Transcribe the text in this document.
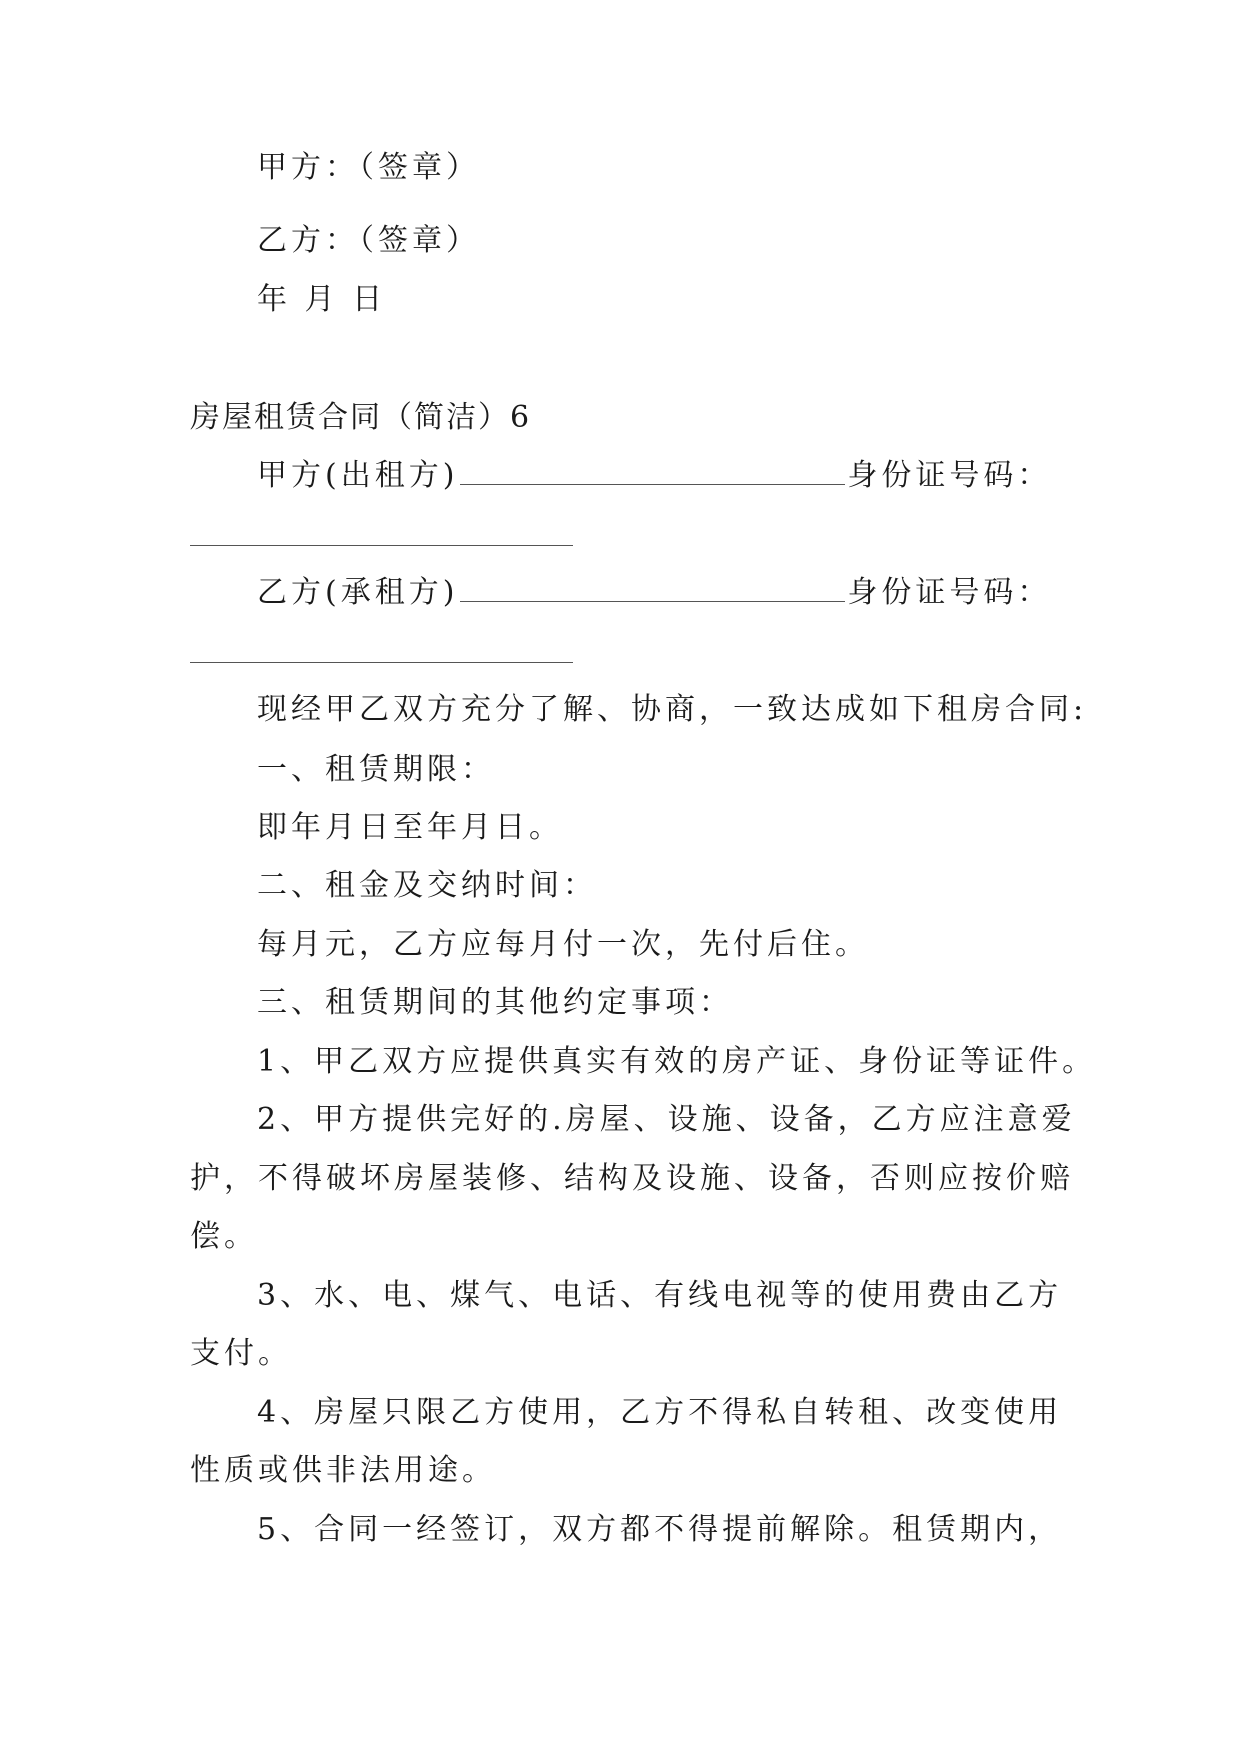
甲方：（签章）
乙方：（签章）
年 月 日
房屋租赁合同（简洁）6
甲方(出租方)	身份证号码：
乙方(承租方)	身份证号码：
现经甲乙双方充分了解、协商，一致达成如下租房合同:
一、租赁期限：
即年月日至年月日。
二、租金及交纳时间：
每月元，乙方应每月付一次，先付后住。
三、租赁期间的其他约定事项：
1、甲乙双方应提供真实有效的房产证、身份证等证件。
2、甲方提供完好的.房屋、设施、设备，乙方应注意爱
护，不得破坏房屋装修、结构及设施、设备，否则应按价赔
偿。
3、水、电、煤气、电话、有线电视等的使用费由乙方
支付。
4、房屋只限乙方使用，乙方不得私自转租、改变使用
性质或供非法用途。
5、合同一经签订，双方都不得提前解除。租赁期内，
